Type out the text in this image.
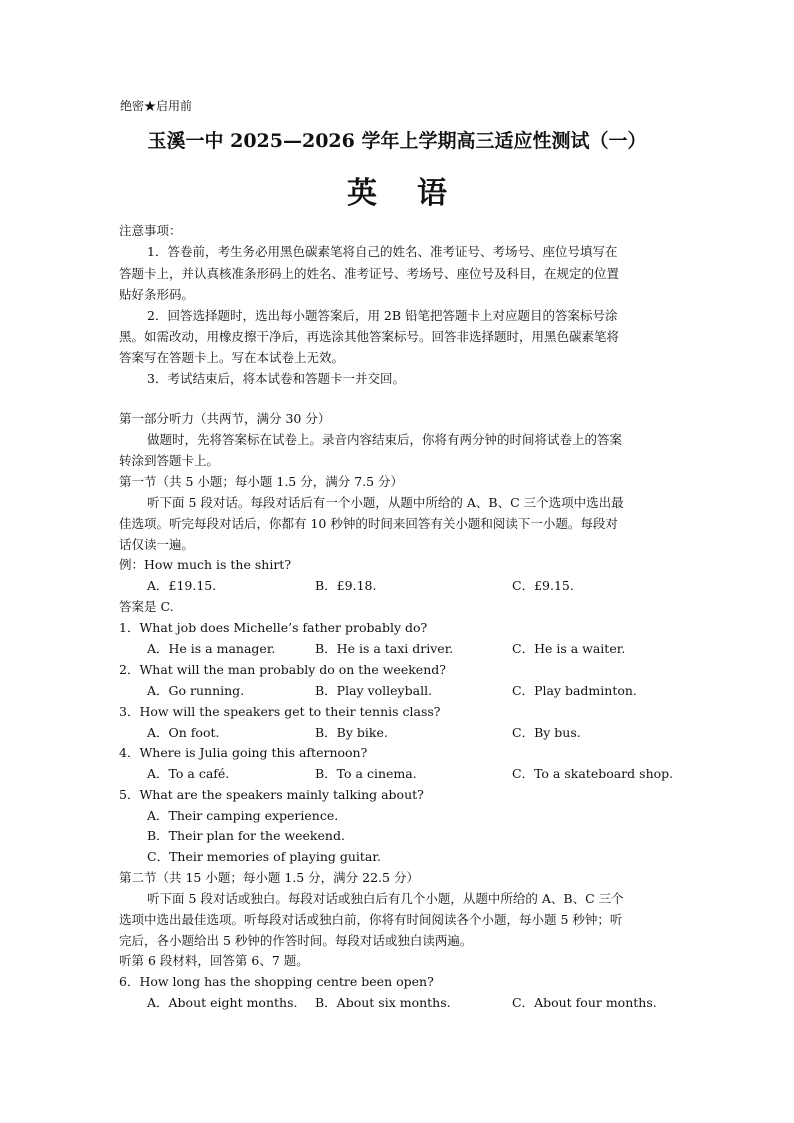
绝密★启用前
玉溪一中 2025—2026 学年上学期高三适应性测试（一）
英语
注意事项：
1．答卷前，考生务必用黑色碳素笔将自己的姓名、准考证号、考场号、座位号填写在
答题卡上，并认真核准条形码上的姓名、准考证号、考场号、座位号及科目，在规定的位置
贴好条形码。
2．回答选择题时，选出每小题答案后，用 2B 铅笔把答题卡上对应题目的答案标号涂
黑。如需改动，用橡皮擦干净后，再选涂其他答案标号。回答非选择题时，用黑色碳素笔将
答案写在答题卡上。写在本试卷上无效。
3．考试结束后，将本试卷和答题卡一并交回。
第一部分听力（共两节，满分 30 分）
做题时，先将答案标在试卷上。录音内容结束后，你将有两分钟的时间将试卷上的答案
转涂到答题卡上。
第一节（共 5 小题；每小题 1.5 分，满分 7.5 分）
听下面 5 段对话。每段对话后有一个小题，从题中所给的 A、B、C 三个选项中选出最
佳选项。听完每段对话后，你都有 10 秒钟的时间来回答有关小题和阅读下一小题。每段对
话仅读一遍。
例：How much is the shirt?
A．£19.15.	B．£9.18.	C．£9.15.
答案是 C.
1．What job does Michelle’s father probably do?
A．He is a manager.	B．He is a taxi driver.	C．He is a waiter.
2．What will the man probably do on the weekend?
A．Go running.	B．Play volleyball.	C．Play badminton.
3．How will the speakers get to their tennis class?
A．On foot.	B．By bike.	C．By bus.
4．Where is Julia going this afternoon?
A．To a café.	B．To a cinema.	C．To a skateboard shop.
5．What are the speakers mainly talking about?
A．Their camping experience.
B．Their plan for the weekend.
C．Their memories of playing guitar.
第二节（共 15 小题；每小题 1.5 分，满分 22.5 分）
听下面 5 段对话或独白。每段对话或独白后有几个小题，从题中所给的 A、B、C 三个
选项中选出最佳选项。听每段对话或独白前，你将有时间阅读各个小题，每小题 5 秒钟；听
完后，各小题给出 5 秒钟的作答时间。每段对话或独白读两遍。
听第 6 段材料，回答第 6、7 题。
6．How long has the shopping centre been open?
A．About eight months. B．About six months.	C．About four months.
